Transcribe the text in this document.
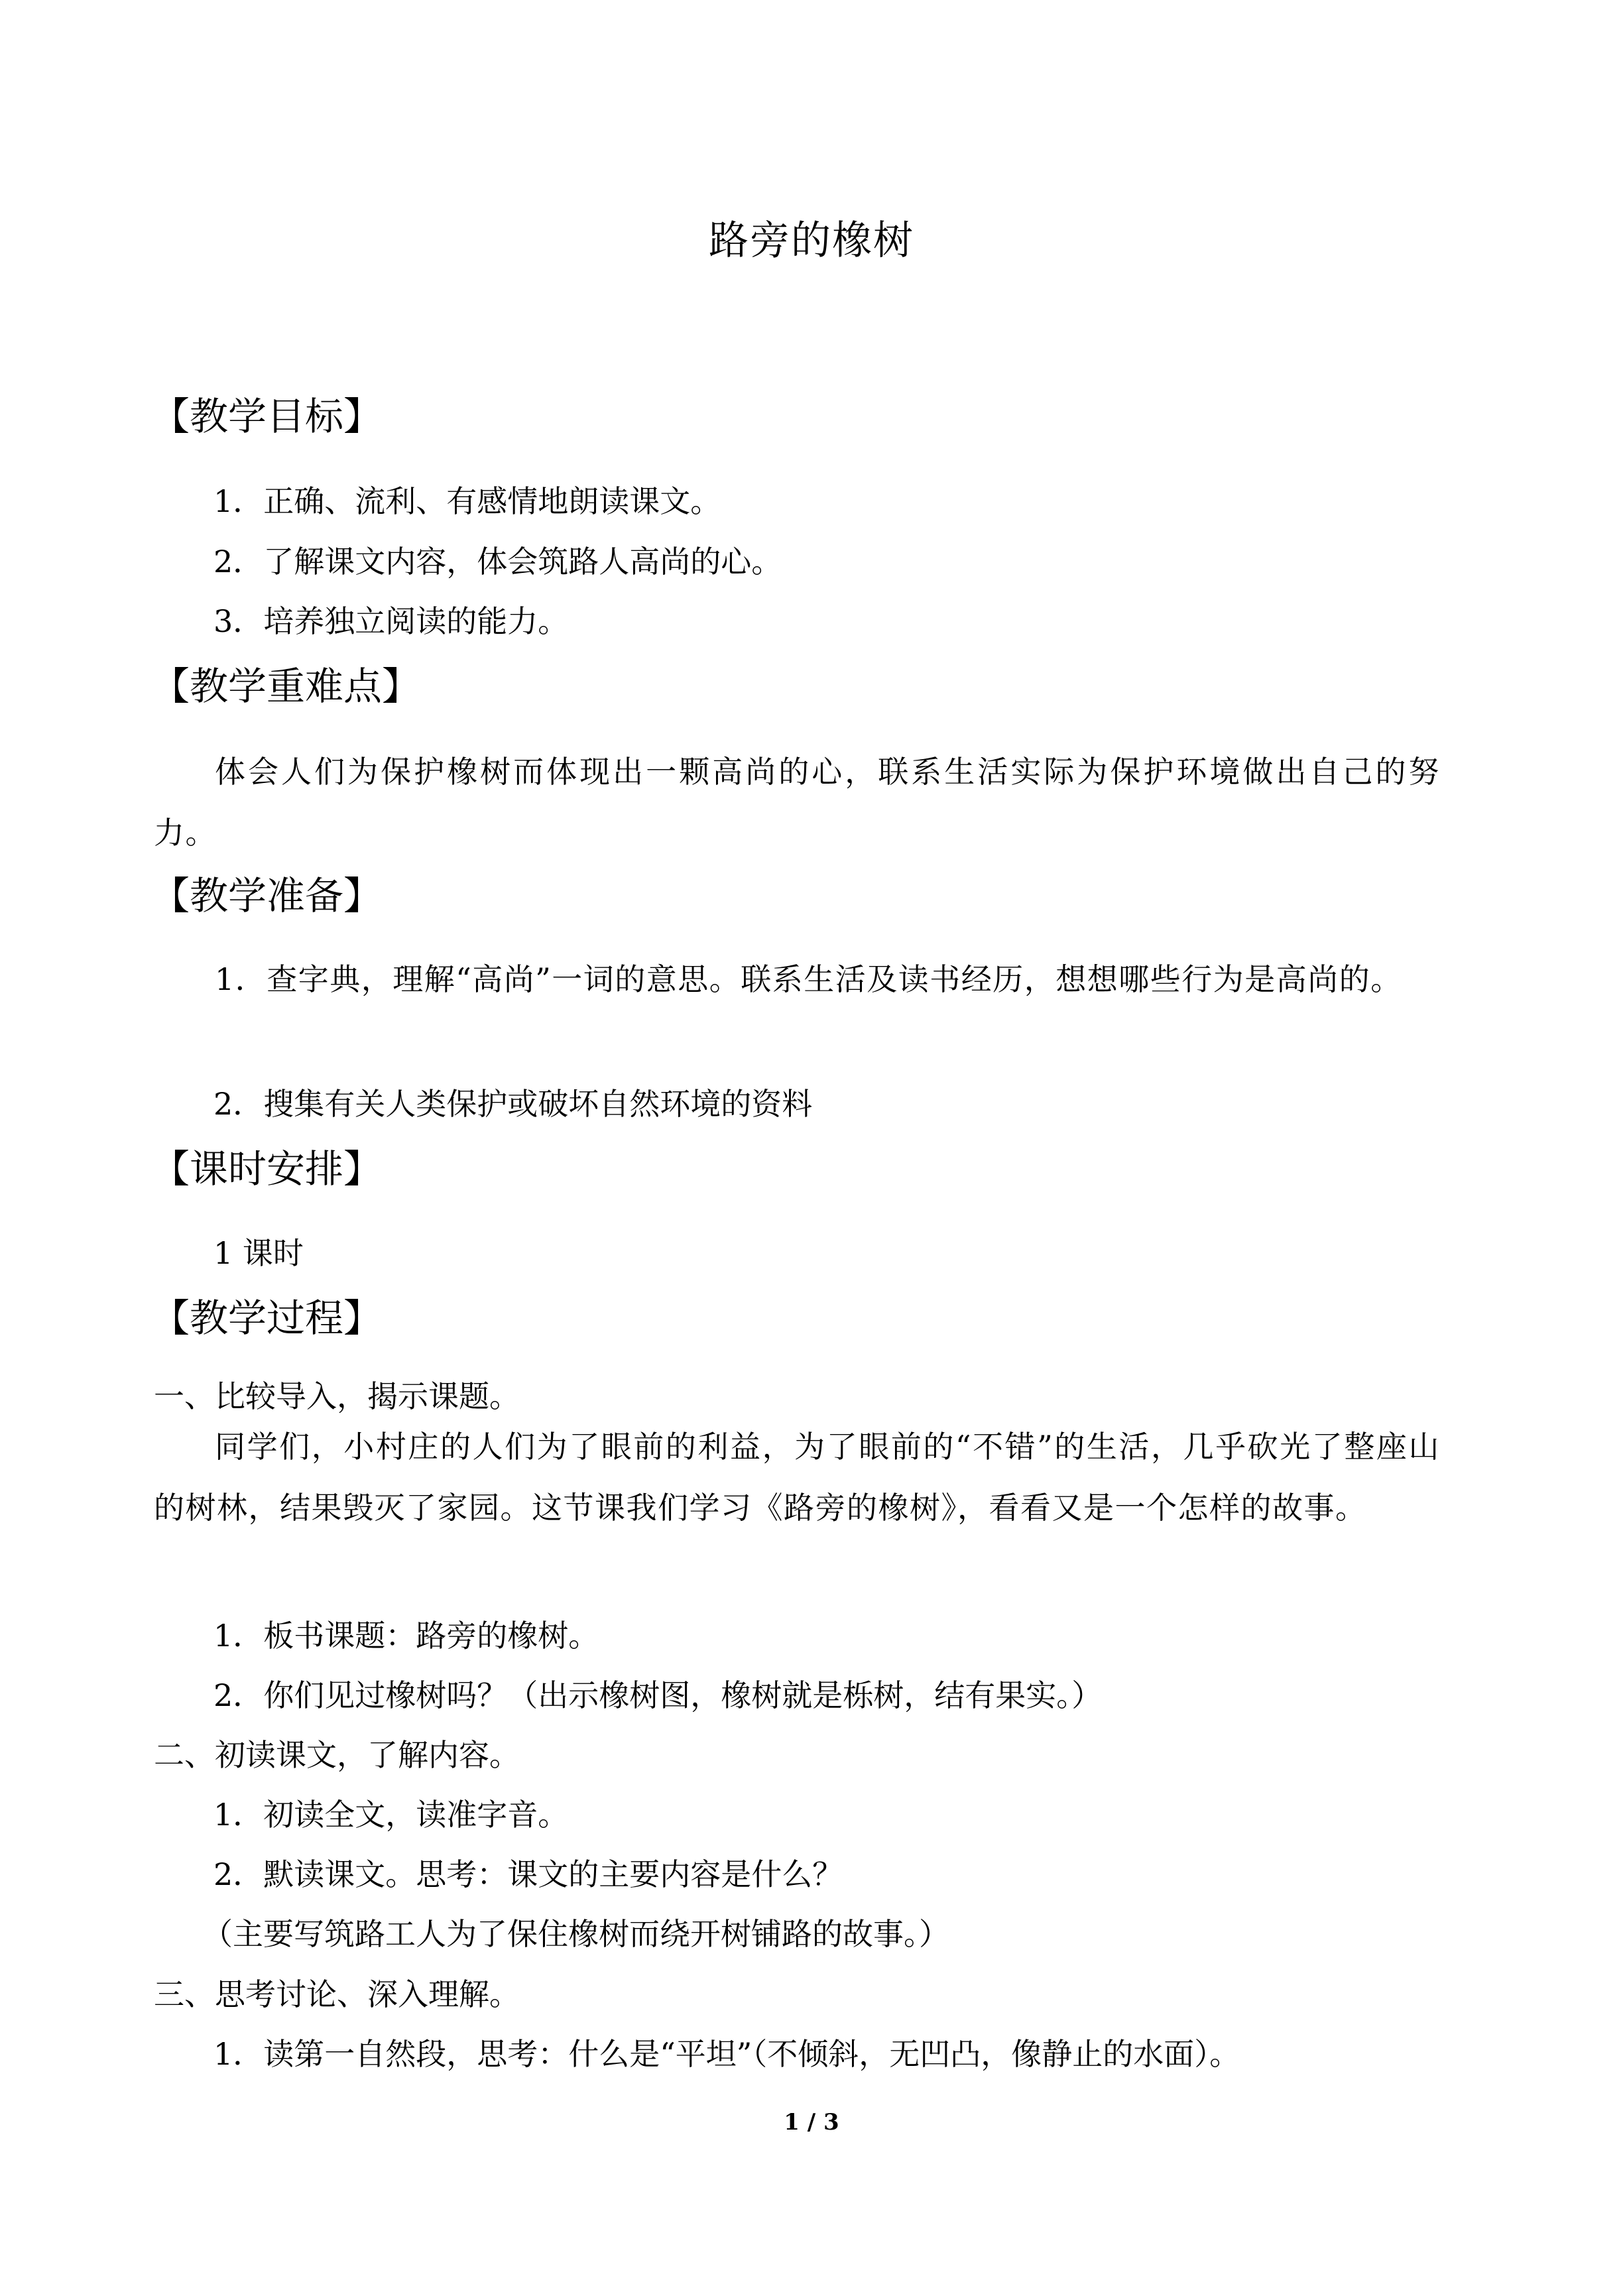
路旁的橡树
【教学目标】
1．正确、流利、有感情地朗读课文。
2．了解课文内容，体会筑路人高尚的心。
3．培养独立阅读的能力。
【教学重难点】
体会人们为保护橡树而体现出一颗高尚的心，联系生活实际为保护环境做出自己的努力。
【教学准备】
1．查字典，理解“高尚”一词的意思。联系生活及读书经历，想想哪些行为是高尚的。
2．搜集有关人类保护或破坏自然环境的资料
【课时安排】
1 课时
【教学过程】
一、比较导入，揭示课题。
同学们，小村庄的人们为了眼前的利益，为了眼前的“不错”的生活，几乎砍光了整座山的树林，结果毁灭了家园。这节课我们学习《路旁的橡树》，看看又是一个怎样的故事。
1．板书课题：路旁的橡树。
2．你们见过橡树吗？（出示橡树图，橡树就是栎树，结有果实。）
二、初读课文，了解内容。
1．初读全文，读准字音。
2．默读课文。思考：课文的主要内容是什么？
（主要写筑路工人为了保住橡树而绕开树铺路的故事。）
三、思考讨论、深入理解。
1．读第一自然段，思考：什么是“平坦”（不倾斜，无凹凸，像静止的水面）。
1 / 3
